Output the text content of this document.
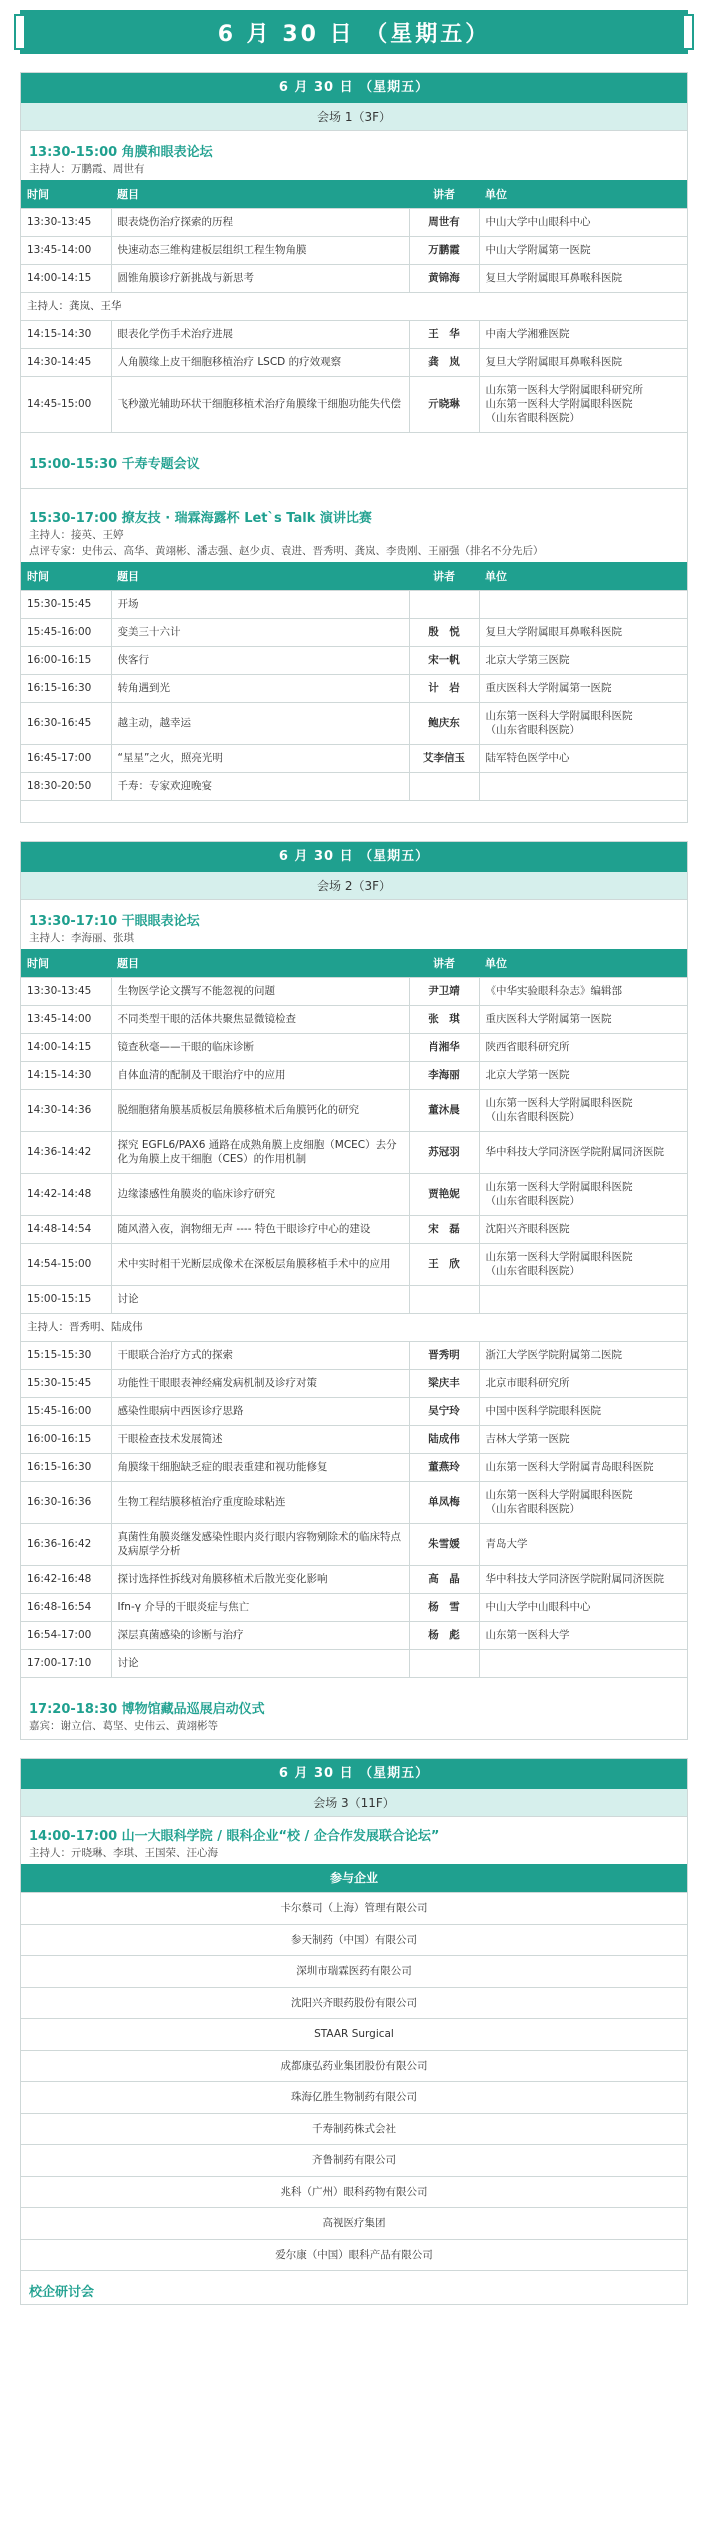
6 月 30 日 （星期五）
6 月 30 日 （星期五）
会场 1（3F）
13:30-15:00 角膜和眼表论坛
主持人：万鹏霞、周世有
时间	题目	讲者	单位
13:30-13:45	眼表烧伤治疗探索的历程	周世有	中山大学中山眼科中心
13:45-14:00	快速动态三维构建板层组织工程生物角膜	万鹏霞	中山大学附属第一医院
14:00-14:15	圆锥角膜诊疗新挑战与新思考	黄锦海	复旦大学附属眼耳鼻喉科医院
主持人：龚岚、王华			
14:15-14:30	眼表化学伤手术治疗进展	王　华	中南大学湘雅医院
14:30-14:45	人角膜缘上皮干细胞移植治疗 LSCD 的疗效观察	龚　岚	复旦大学附属眼耳鼻喉科医院
14:45-15:00	飞秒激光辅助环状干细胞移植术治疗角膜缘干细胞功能失代偿	亓晓琳	山东第一医科大学附属眼科研究所
山东第一医科大学附属眼科医院
（山东省眼科医院）
15:00-15:30 千寿专题会议
15:30-17:00 撩友技 · 瑞霖海露杯 Let`s Talk 演讲比赛
主持人：接英、王婷
点评专家：史伟云、高华、黄翊彬、潘志强、赵少贞、袁进、晋秀明、龚岚、李贵刚、王丽强（排名不分先后）
时间	题目	讲者	单位
15:30-15:45	开场		
15:45-16:00	变美三十六计	殷　悦	复旦大学附属眼耳鼻喉科医院
16:00-16:15	侠客行	宋一帆	北京大学第三医院
16:15-16:30	转角遇到光	计　岩	重庆医科大学附属第一医院
16:30-16:45	越主动，越幸运	鲍庆东	山东第一医科大学附属眼科医院
（山东省眼科医院）
16:45-17:00	“星星”之火，照亮光明	艾李信玉	陆军特色医学中心
18:30-20:50	千寿：专家欢迎晚宴		
6 月 30 日 （星期五）
会场 2（3F）
13:30-17:10 干眼眼表论坛
主持人：李海丽、张琪
时间	题目	讲者	单位
13:30-13:45	生物医学论文撰写不能忽视的问题	尹卫靖	《中华实验眼科杂志》编辑部
13:45-14:00	不同类型干眼的活体共聚焦显微镜检查	张　琪	重庆医科大学附属第一医院
14:00-14:15	镜查秋毫——干眼的临床诊断	肖湘华	陕西省眼科研究所
14:15-14:30	自体血清的配制及干眼治疗中的应用	李海丽	北京大学第一医院
14:30-14:36	脱细胞猪角膜基质板层角膜移植术后角膜钙化的研究	董沐晨	山东第一医科大学附属眼科医院
（山东省眼科医院）
14:36-14:42	探究 EGFL6/PAX6 通路在成熟角膜上皮细胞（MCEC）去分化为角膜上皮干细胞（CES）的作用机制	苏冠羽	华中科技大学同济医学院附属同济医院
14:42-14:48	边缘漆感性角膜炎的临床诊疗研究	贾艳妮	山东第一医科大学附属眼科医院
（山东省眼科医院）
14:48-14:54	随风潜入夜，润物细无声 ---- 特色干眼诊疗中心的建设	宋　磊	沈阳兴齐眼科医院
14:54-15:00	术中实时相干光断层成像术在深板层角膜移植手术中的应用	王　欣	山东第一医科大学附属眼科医院
（山东省眼科医院）
15:00-15:15	讨论		
主持人：晋秀明、陆成伟			
15:15-15:30	干眼联合治疗方式的探索	晋秀明	浙江大学医学院附属第二医院
15:30-15:45	功能性干眼眼表神经痛发病机制及诊疗对策	梁庆丰	北京市眼科研究所
15:45-16:00	感染性眼病中西医诊疗思路	吴宁玲	中国中医科学院眼科医院
16:00-16:15	干眼检查技术发展简述	陆成伟	吉林大学第一医院
16:15-16:30	角膜缘干细胞缺乏症的眼表重建和视功能修复	董燕玲	山东第一医科大学附属青岛眼科医院
16:30-16:36	生物工程结膜移植治疗重度睑球粘连	单凤梅	山东第一医科大学附属眼科医院
（山东省眼科医院）
16:36-16:42	真菌性角膜炎继发感染性眼内炎行眼内容物剜除术的临床特点及病原学分析	朱雪媛	青岛大学
16:42-16:48	探讨选择性拆线对角膜移植术后散光变化影响	高　晶	华中科技大学同济医学院附属同济医院
16:48-16:54	Ifn-γ 介导的干眼炎症与焦亡	杨　雪	中山大学中山眼科中心
16:54-17:00	深层真菌感染的诊断与治疗	杨　彪	山东第一医科大学
17:00-17:10	讨论		
17:20-18:30 博物馆藏品巡展启动仪式
嘉宾：谢立信、葛坚、史伟云、黄翊彬等
6 月 30 日 （星期五）
会场 3（11F）
14:00-17:00 山一大眼科学院 / 眼科企业“校 / 企合作发展联合论坛”
主持人：亓晓琳、李琪、王国荣、汪心海
参与企业
卡尔蔡司（上海）管理有限公司
参天制药（中国）有限公司
深圳市瑞霖医药有限公司
沈阳兴齐眼药股份有限公司
STAAR Surgical
成都康弘药业集团股份有限公司
珠海亿胜生物制药有限公司
千寿制药株式会社
齐鲁制药有限公司
兆科（广州）眼科药物有限公司
高视医疗集团
爱尔康（中国）眼科产品有限公司
校企研讨会
